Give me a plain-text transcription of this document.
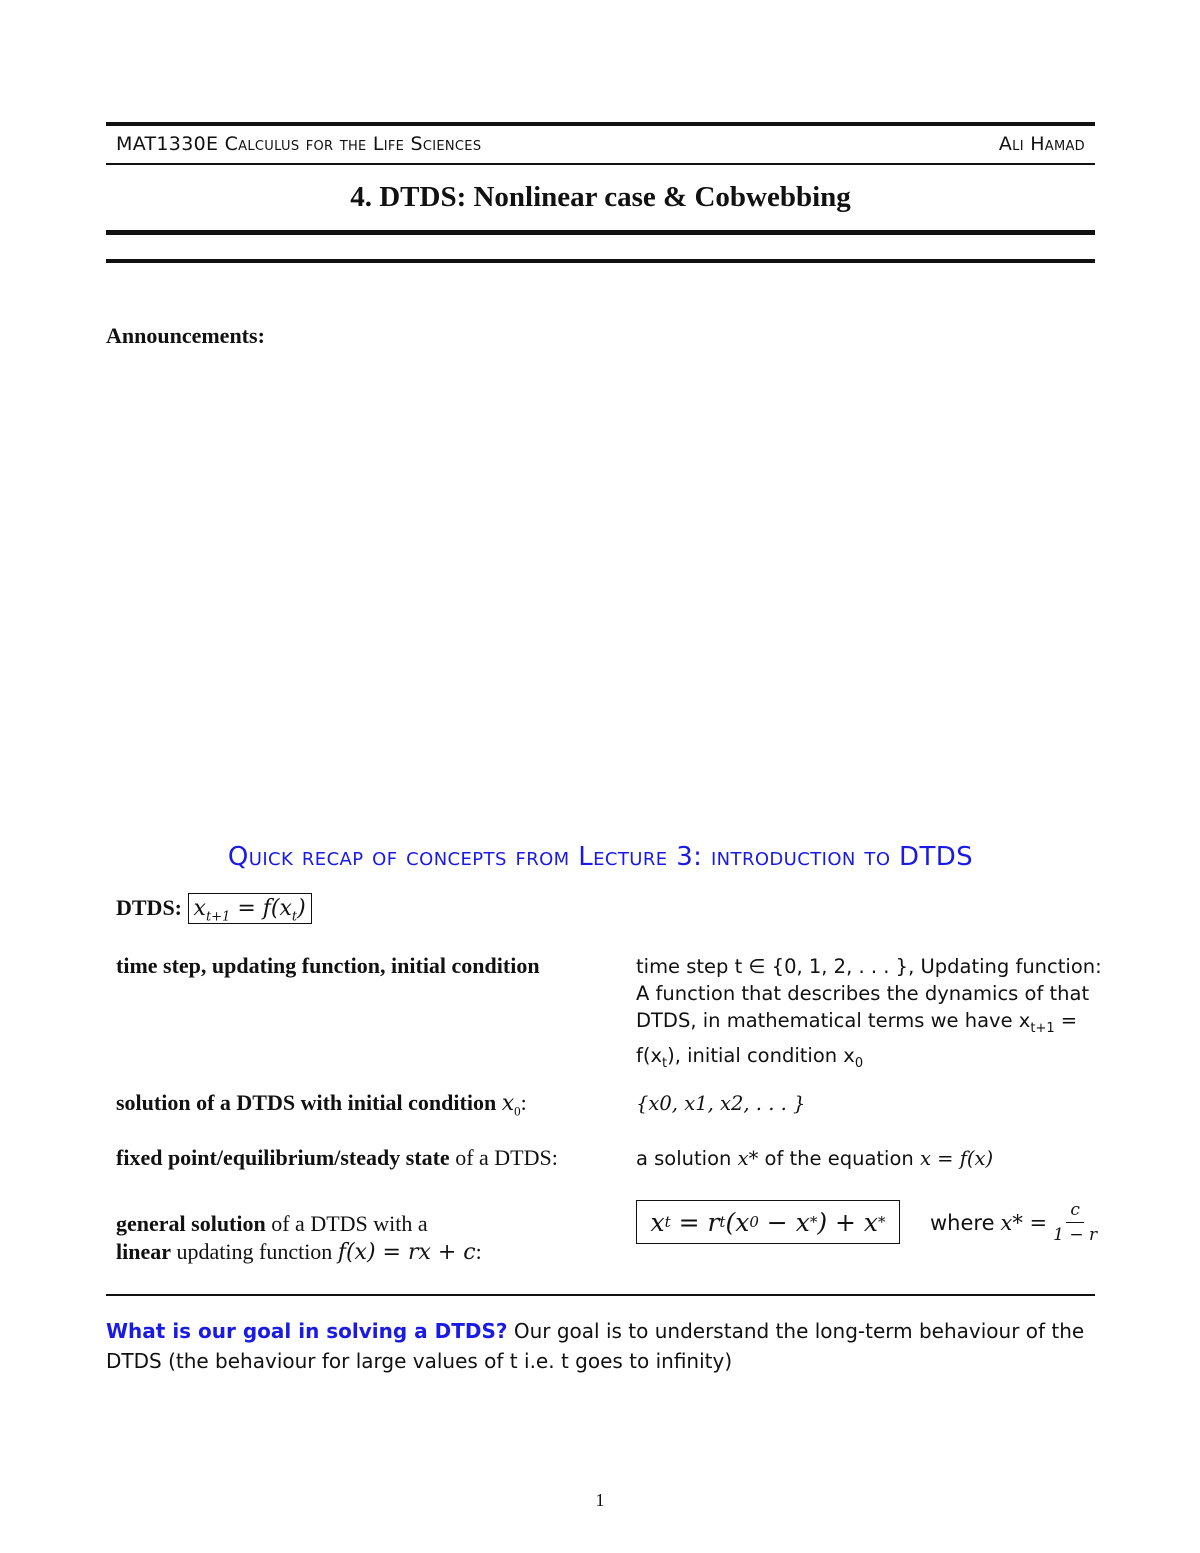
MAT1330E Calculus for the Life Sciences	Ali Hamad
4. DTDS: Nonlinear case & Cobwebbing
Announcements:
Quick recap of concepts from Lecture 3: introduction to DTDS
DTDS: $x_{t+1} = f(x_t)$
time step, updating function, initial condition	time step t ∈ {0, 1, 2, . . . }, Updating function:
A function that describes the dynamics of that
DTDS, in mathematical terms we have $x_{t+1}$ =
$f(x_t)$, initial condition $x_0$
solution of a DTDS with initial condition $x_0$:	{x0, x1, x2, . . . }
fixed point/equilibrium/steady state of a DTDS:	a solution x* of the equation x = f(x)
general solution of a DTDS with a
linear updating function f(x) = rx + c:
x t = r t (x 0 − x * ) + x * where $x* = \frac{c}{1 - r}$
What is our goal in solving a DTDS? Our goal is to understand the long-term behaviour of the DTDS (the behaviour for large values of t i.e. t goes to infinity)
1
